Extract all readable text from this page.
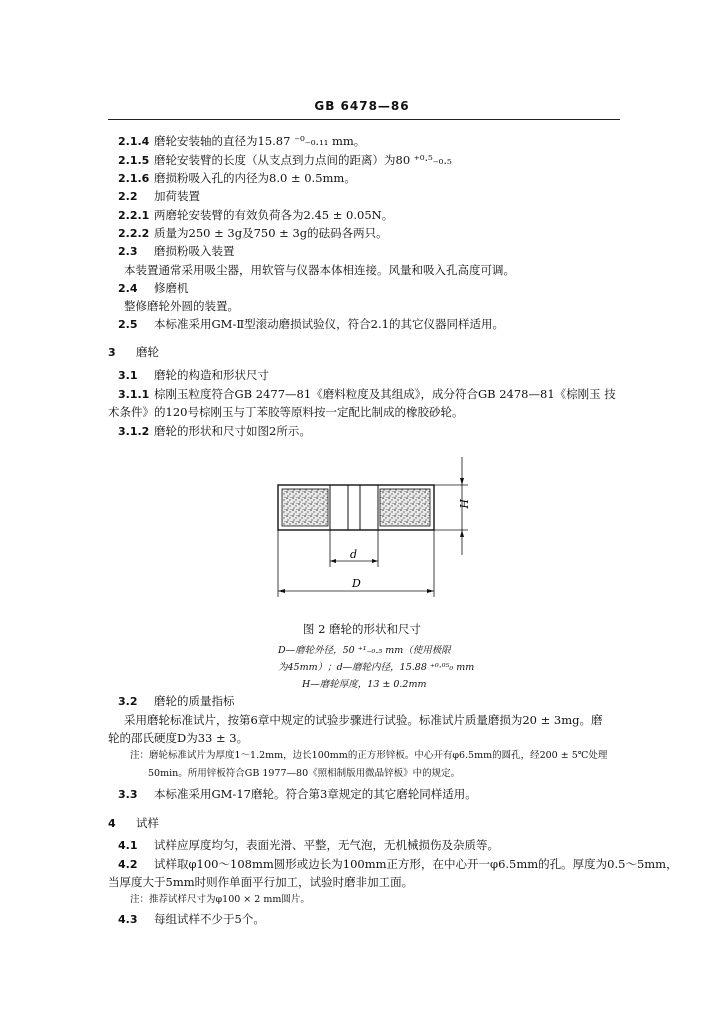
GB 6478—86
2.1.4 磨轮安装轴的直径为15.87 ⁻⁰₋₀.₁₁ mm。
2.1.5 磨轮安装臂的长度（从支点到力点间的距离）为80 ⁺⁰·⁵₋₀.₅
2.1.6 磨损粉吸入孔的内径为8.0 ± 0.5mm。
2.2 加荷装置
2.2.1 两磨轮安装臂的有效负荷各为2.45 ± 0.05N。
2.2.2 质量为250 ± 3g及750 ± 3g的砝码各两只。
2.3 磨损粉吸入装置
本装置通常采用吸尘器，用软管与仪器本体相连接。风量和吸入孔高度可调。
2.4 修磨机
整修磨轮外圆的装置。
2.5 本标准采用GM-Ⅱ型滚动磨损试验仪，符合2.1的其它仪器同样适用。
3 磨轮
3.1 磨轮的构造和形状尺寸
3.1.1 棕刚玉粒度符合GB 2477—81《磨料粒度及其组成》，成分符合GB 2478—81《棕刚玉 技
术条件》的120号棕刚玉与丁苯胶等原料按一定配比制成的橡胶砂轮。
3.1.2 磨轮的形状和尺寸如图2所示。
H
d
D
图 2 磨轮的形状和尺寸
D—磨轮外径，50 ⁺¹₋₀.₅ mm（使用极限
为45mm）；d—磨轮内径，15.88 ⁺⁰·⁰⁵₀ mm
H—磨轮厚度，13 ± 0.2mm
3.2 磨轮的质量指标
采用磨轮标准试片，按第6章中规定的试验步骤进行试验。标准试片质量磨损为20 ± 3mg。磨
轮的邵氏硬度D为33 ± 3。
注：磨轮标准试片为厚度1～1.2mm，边长100mm的正方形锌板。中心开有φ6.5mm的圆孔，经200 ± 5℃处理
50min。所用锌板符合GB 1977—80《照相制版用微晶锌板》中的规定。
3.3 本标准采用GM-17磨轮。符合第3章规定的其它磨轮同样适用。
4 试样
4.1 试样应厚度均匀，表面光滑、平整，无气泡，无机械损伤及杂质等。
4.2 试样取φ100～108mm圆形或边长为100mm正方形，在中心开一φ6.5mm的孔。厚度为0.5～5mm，
当厚度大于5mm时则作单面平行加工，试验时磨非加工面。
注：推荐试样尺寸为φ100 × 2 mm圆片。
4.3 每组试样不少于5个。
